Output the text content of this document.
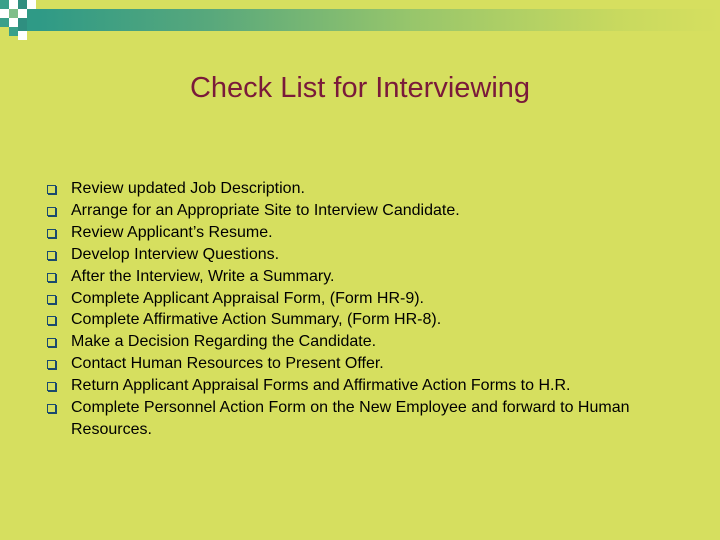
Check List for Interviewing
Review updated Job Description.
Arrange for an Appropriate Site to Interview Candidate.
Review Applicant’s Resume.
Develop Interview Questions.
After the Interview, Write a Summary.
Complete Applicant Appraisal Form, (Form HR-9).
Complete Affirmative Action Summary, (Form HR-8).
Make a Decision Regarding the Candidate.
Contact Human Resources to Present Offer.
Return Applicant Appraisal Forms and Affirmative Action Forms to H.R.
Complete Personnel Action Form on the New Employee and forward to Human Resources.
